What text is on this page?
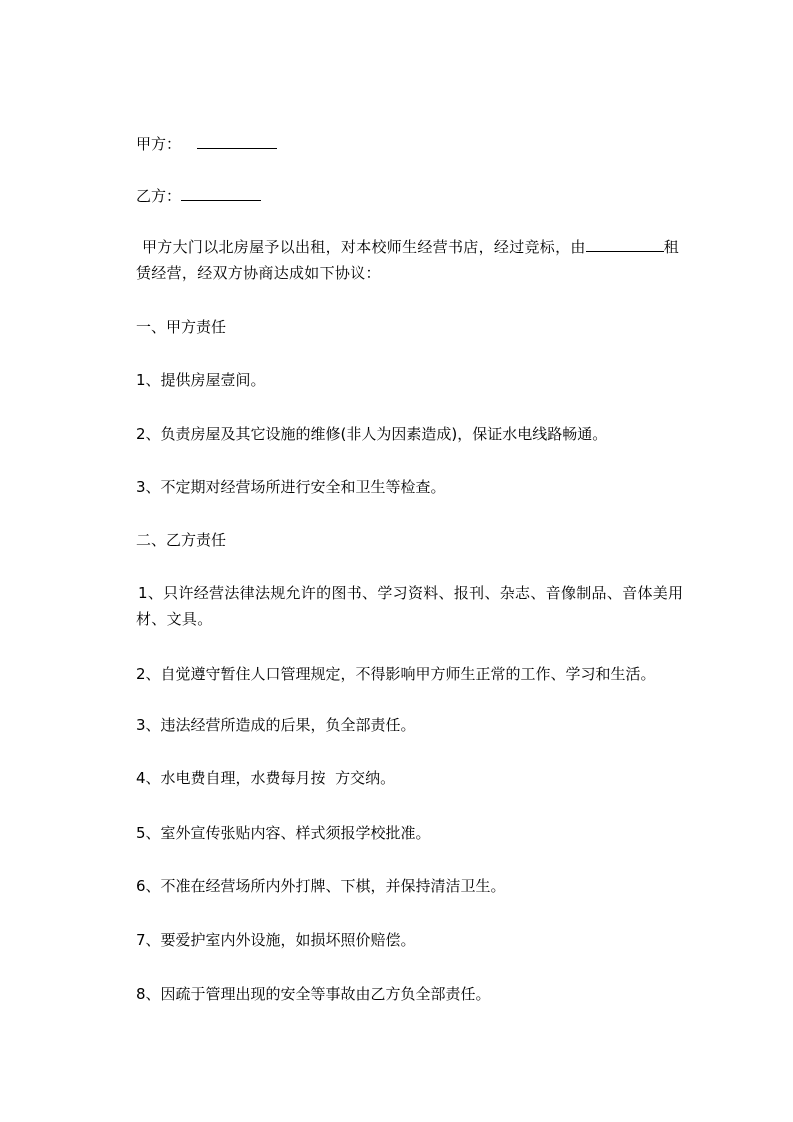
甲方：
乙方：
甲方大门以北房屋予以出租，对本校师生经营书店，经过竞标，由	租赁经营，经双方协商达成如下协议：
一、甲方责任
1、提供房屋壹间。
2、负责房屋及其它设施的维修(非人为因素造成)，保证水电线路畅通。
3、不定期对经营场所进行安全和卫生等检查。
二、乙方责任
1、只许经营法律法规允许的图书、学习资料、报刊、杂志、音像制品、音体美用材、文具。
2、自觉遵守暂住人口管理规定，不得影响甲方师生正常的工作、学习和生活。
3、违法经营所造成的后果，负全部责任。
4、水电费自理，水费每月按  方交纳。
5、室外宣传张贴内容、样式须报学校批准。
6、不准在经营场所内外打牌、下棋，并保持清洁卫生。
7、要爱护室内外设施，如损坏照价赔偿。
8、因疏于管理出现的安全等事故由乙方负全部责任。
